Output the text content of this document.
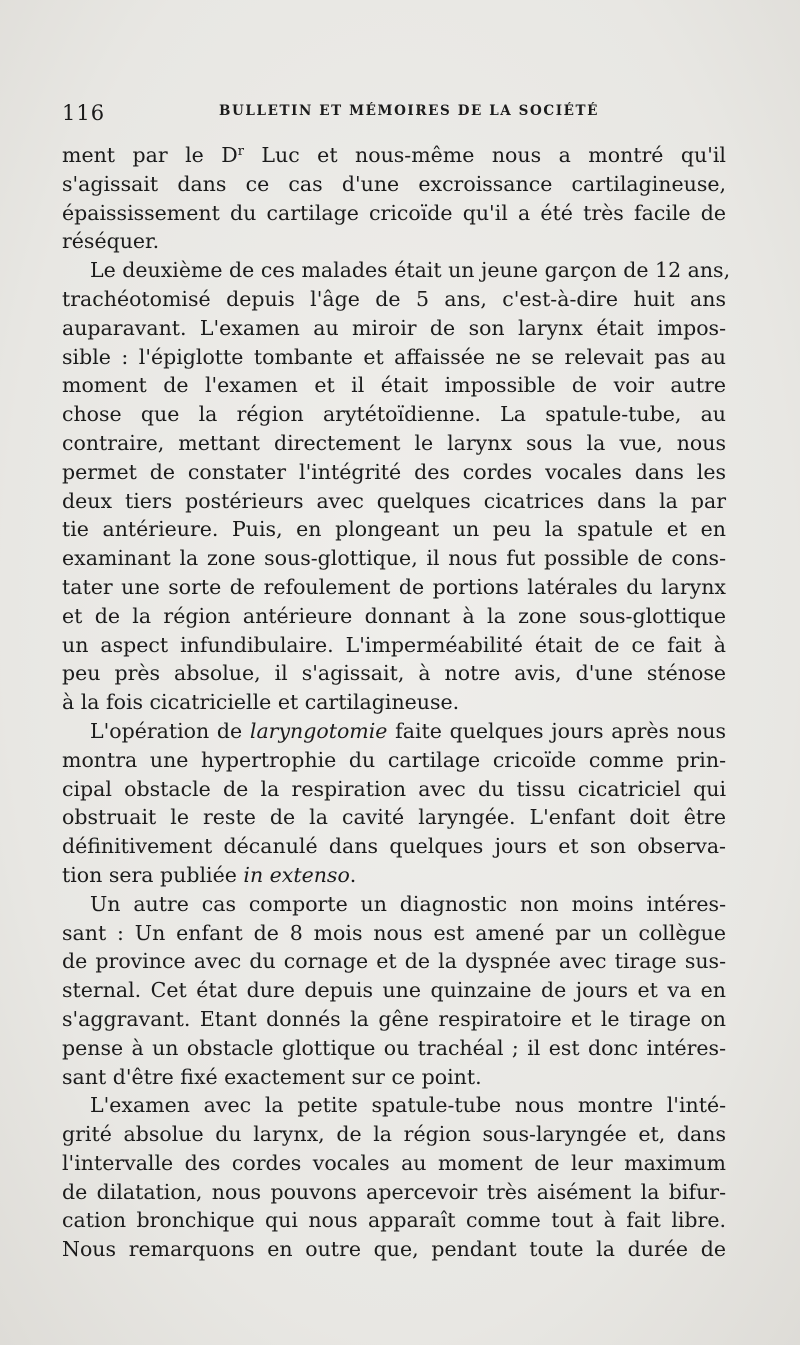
116	BULLETIN ET MÉMOIRES DE LA SOCIÉTÉ

ment par le $D^r$ Luc et nous-même nous a montré qu'il
s'agissait dans ce cas d'une excroissance cartilagineuse,
épaississement du cartilage cricoïde qu'il a été très facile de
réséquer.

Le deuxième de ces malades était un jeune garçon de 12 ans,
trachéotomisé depuis l'âge de 5 ans, c'est-à-dire huit ans
auparavant. L'examen au miroir de son larynx était impos-
sible : l'épiglotte tombante et affaissée ne se relevait pas au
moment de l'examen et il était impossible de voir autre
chose que la région arytétoïdienne. La spatule-tube, au
contraire, mettant directement le larynx sous la vue, nous
permet de constater l'intégrité des cordes vocales dans les
deux tiers postérieurs avec quelques cicatrices dans la par
tie antérieure. Puis, en plongeant un peu la spatule et en
examinant la zone sous-glottique, il nous fut possible de cons-
tater une sorte de refoulement de portions latérales du larynx
et de la région antérieure donnant à la zone sous-glottique
un aspect infundibulaire. L'imperméabilité était de ce fait à
peu près absolue, il s'agissait, à notre avis, d'une sténose
à la fois cicatricielle et cartilagineuse.

L'opération de laryngotomie faite quelques jours après nous
montra une hypertrophie du cartilage cricoïde comme prin-
cipal obstacle de la respiration avec du tissu cicatriciel qui
obstruait le reste de la cavité laryngée. L'enfant doit être
définitivement décanulé dans quelques jours et son observa-
tion sera publiée in extenso.

Un autre cas comporte un diagnostic non moins intéres-
sant : Un enfant de 8 mois nous est amené par un collègue
de province avec du cornage et de la dyspnée avec tirage sus-
sternal. Cet état dure depuis une quinzaine de jours et va en
s'aggravant. Etant donnés la gêne respiratoire et le tirage on
pense à un obstacle glottique ou trachéal ; il est donc intéres-
sant d'être fixé exactement sur ce point.

L'examen avec la petite spatule-tube nous montre l'inté-
grité absolue du larynx, de la région sous-laryngée et, dans
l'intervalle des cordes vocales au moment de leur maximum
de dilatation, nous pouvons apercevoir très aisément la bifur-
cation bronchique qui nous apparaît comme tout à fait libre.
Nous remarquons en outre que, pendant toute la durée de
